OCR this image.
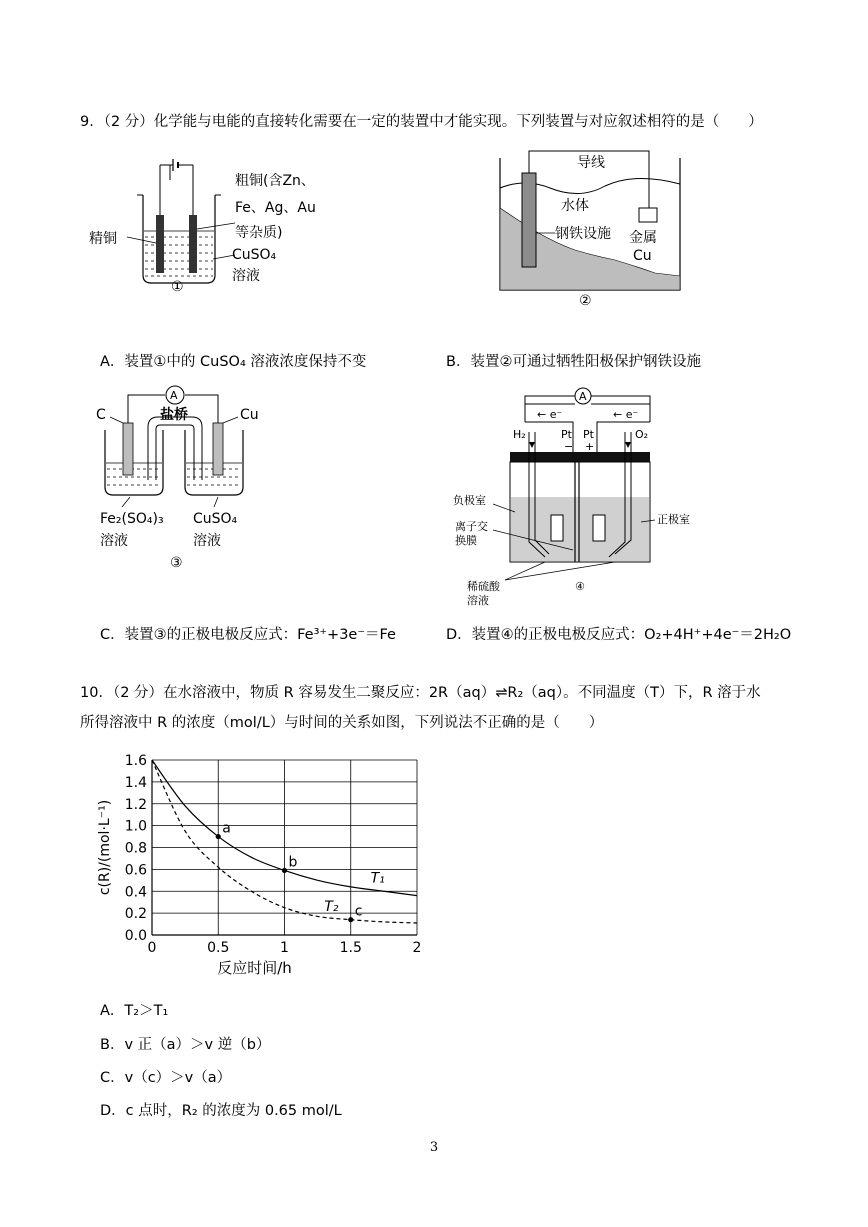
9．（2 分）化学能与电能的直接转化需要在一定的装置中才能实现。下列装置与对应叙述相符的是（　　）
粗铜(含Zn、
Fe、Ag、Au
等杂质)
精铜
CuSO₄
溶液
①
导线
水体
钢铁设施 金属
Cu
②
A．装置①中的 CuSO₄ 溶液浓度保持不变	B．装置②可通过牺牲阳极保护钢铁设施
A
盐桥
C	Cu
Fe₂(SO₄)₃
溶液
CuSO₄
溶液
③
A
← e⁻	← e⁻
H₂	O₂
Pt Pt
− +
负极室
正极室
离子交
换膜
稀硫酸
溶液
④
C．装置③的正极电极反应式：Fe³⁺+3e⁻＝Fe	D．装置④的正极电极反应式：O₂+4H⁺+4e⁻＝2H₂O
10．（2 分）在水溶液中，物质 R 容易发生二聚反应：2R（aq）⇌R₂（aq）。不同温度（T）下，R 溶于水
所得溶液中 R 的浓度（mol/L）与时间的关系如图，下列说法不正确的是（　　）
0.0
0.2
0.4
0.6
0.8
1.0
1.2
1.4
1.6
0	0.5	1	1.5	2
反应时间/h
c(R)/(mol·L⁻¹)	T₁
T₂
a
b
c
A．T₂＞T₁
B．v 正（a）＞v 逆（b）
C．v（c）＞v（a）
D．c 点时，R₂ 的浓度为 0.65 mol/L
3
